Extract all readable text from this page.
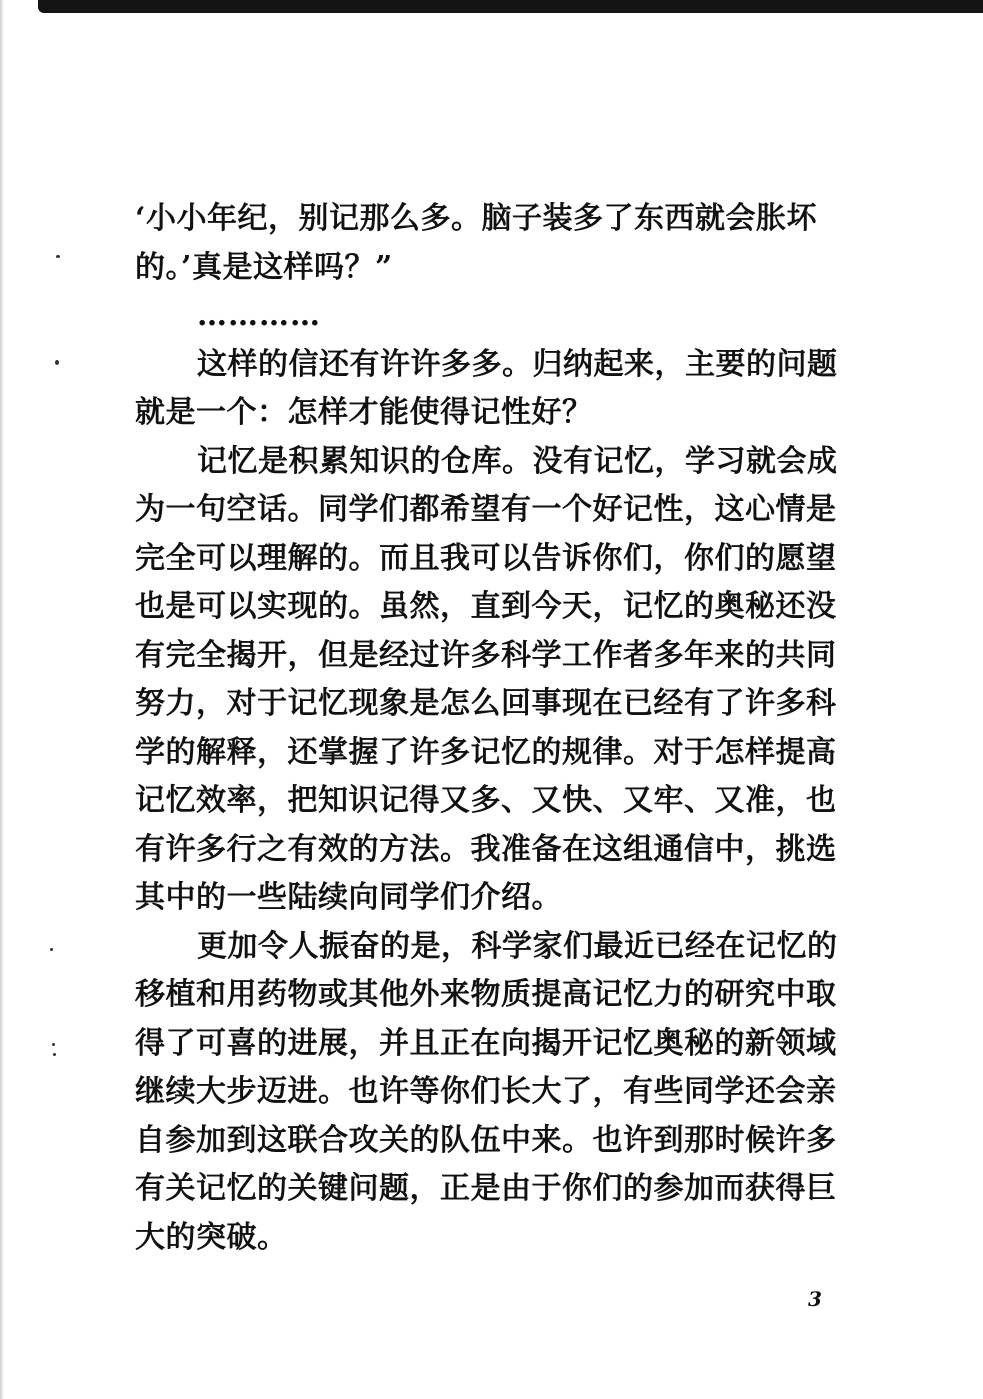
‘小小年纪，别记那么多。脑子装多了东西就会胀坏的。’真是这样吗？”

…………

这样的信还有许许多多。归纳起来，主要的问题就是一个：怎样才能使得记性好？

记忆是积累知识的仓库。没有记忆，学习就会成为一句空话。同学们都希望有一个好记性，这心情是完全可以理解的。而且我可以告诉你们，你们的愿望也是可以实现的。虽然，直到今天，记忆的奥秘还没有完全揭开，但是经过许多科学工作者多年来的共同努力，对于记忆现象是怎么回事现在已经有了许多科学的解释，还掌握了许多记忆的规律。对于怎样提高记忆效率，把知识记得又多、又快、又牢、又准，也有许多行之有效的方法。我准备在这组通信中，挑选其中的一些陆续向同学们介绍。

更加令人振奋的是，科学家们最近已经在记忆的移植和用药物或其他外来物质提高记忆力的研究中取得了可喜的进展，并且正在向揭开记忆奥秘的新领域继续大步迈进。也许等你们长大了，有些同学还会亲自参加到这联合攻关的队伍中来。也许到那时候许多有关记忆的关键问题，正是由于你们的参加而获得巨大的突破。

3
